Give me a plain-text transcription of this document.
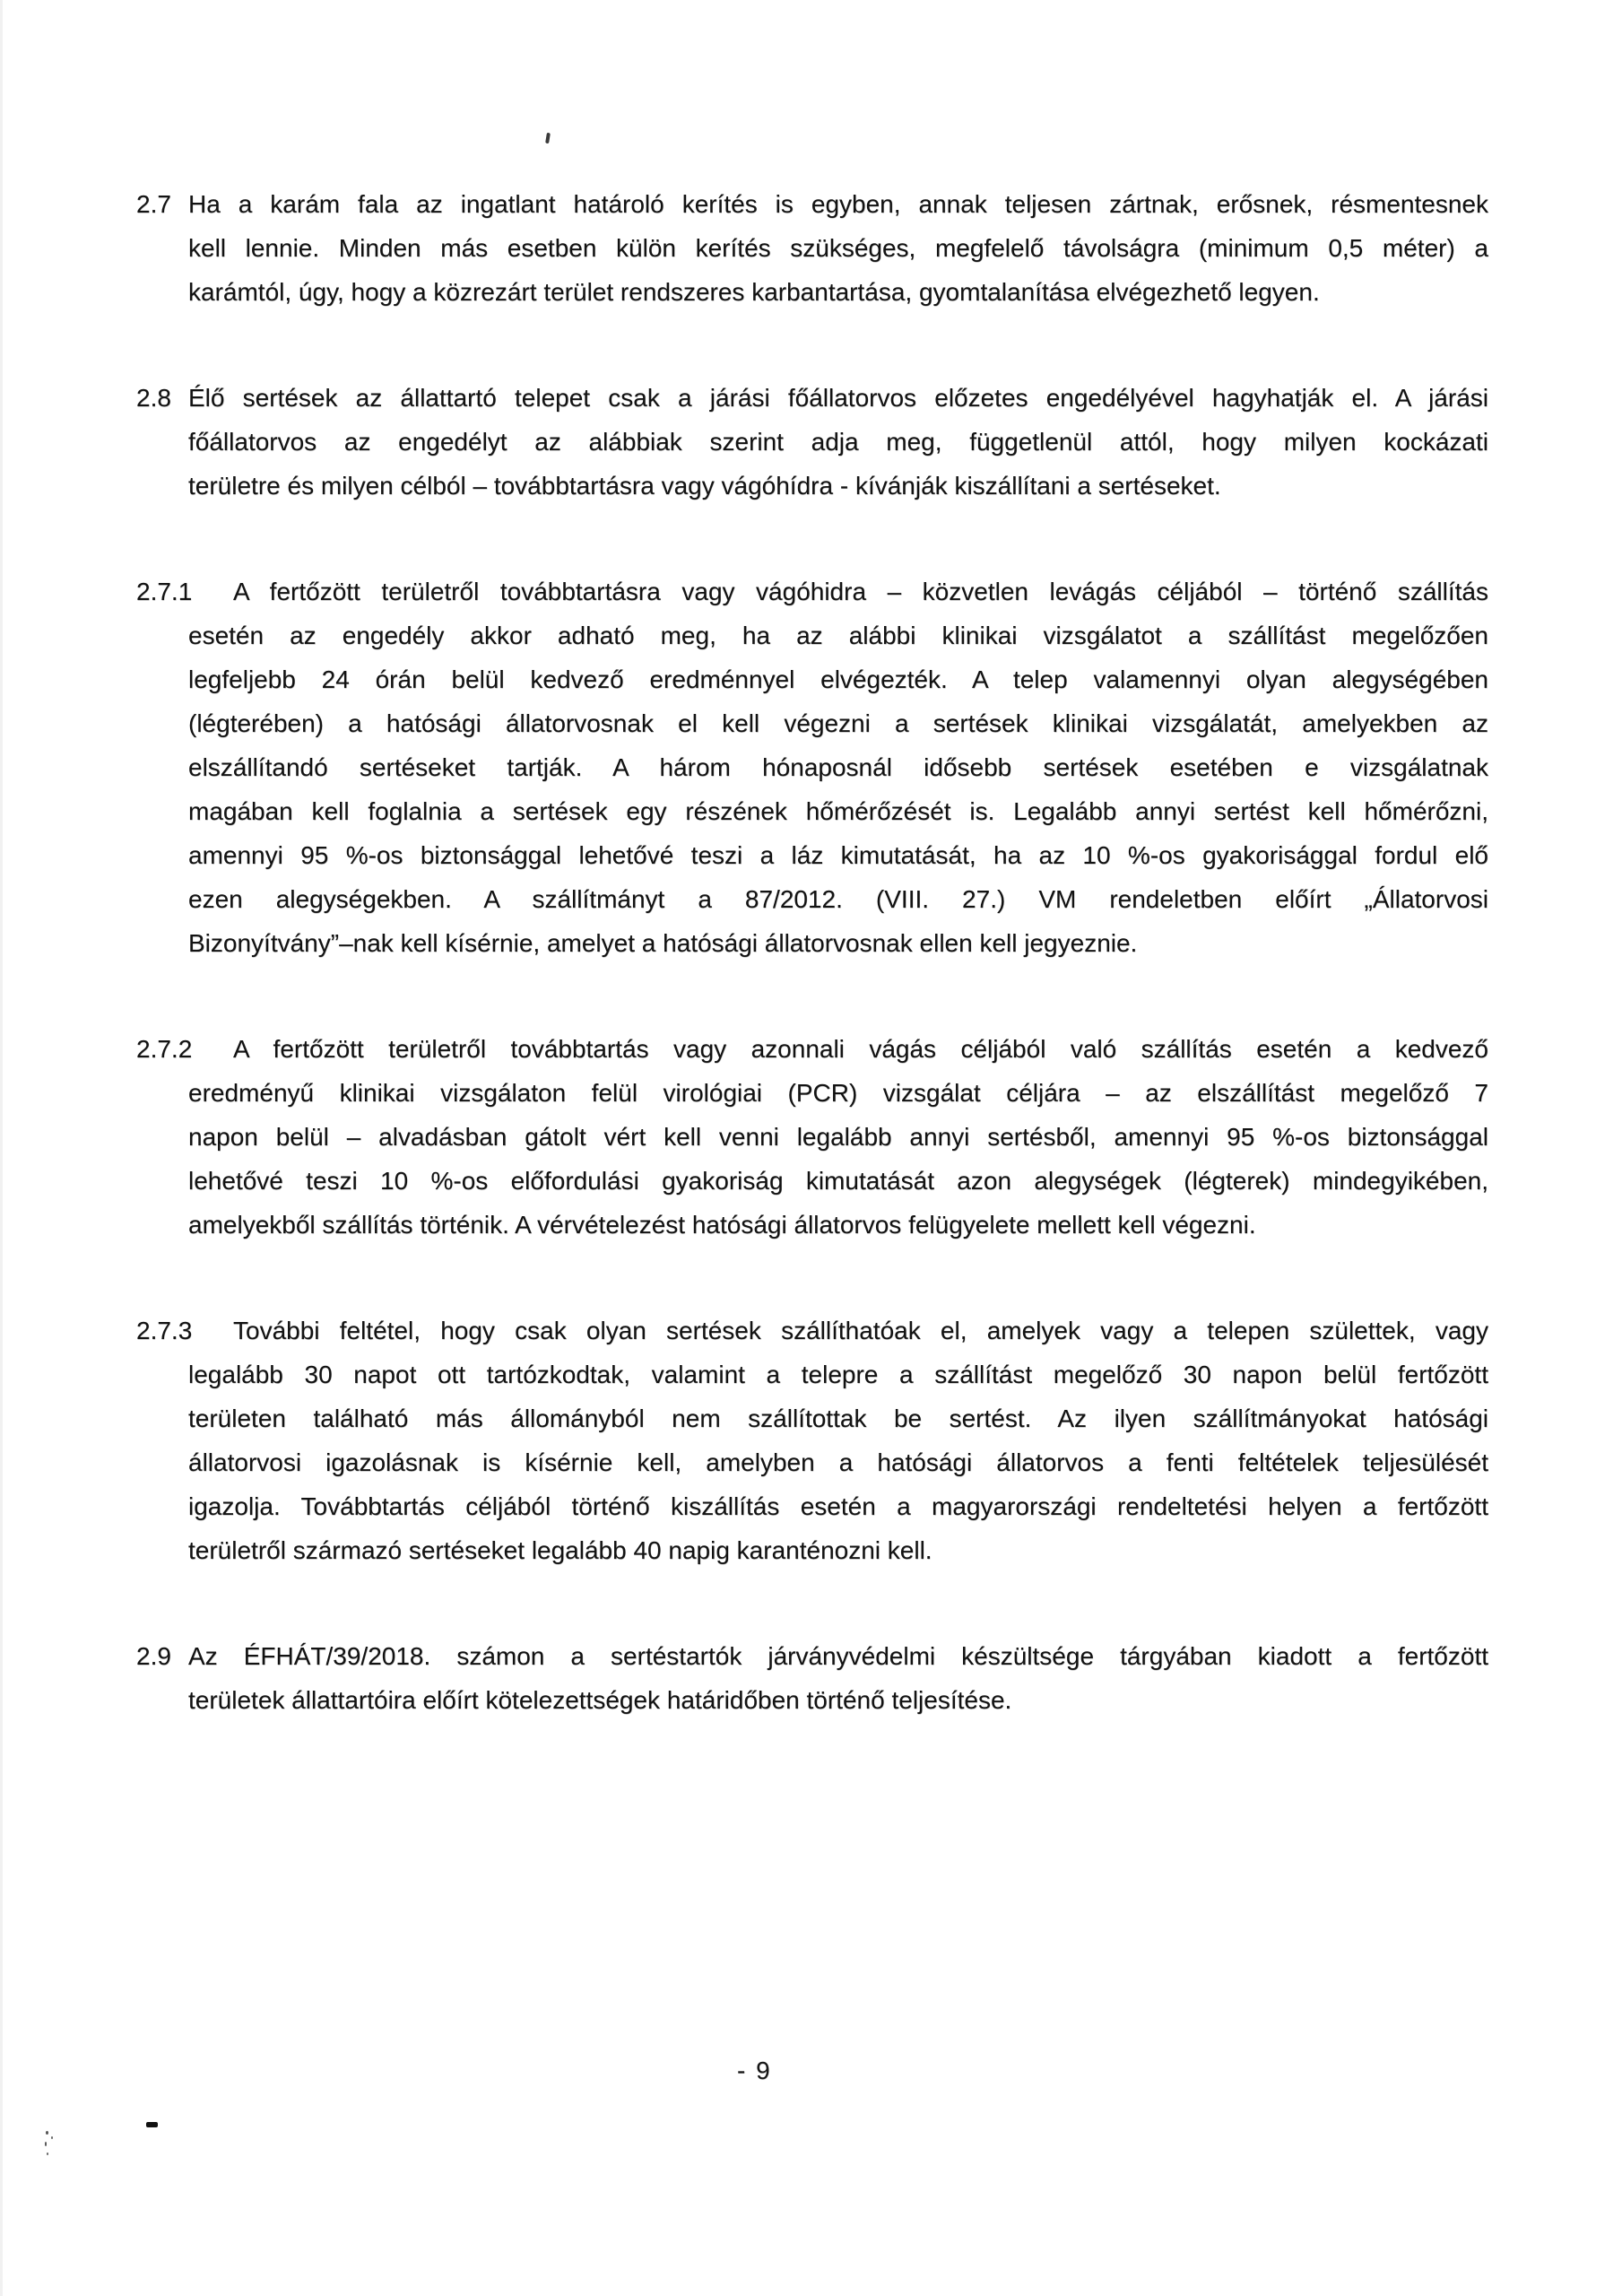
2.7 Ha a karám fala az ingatlant határoló kerítés is egyben, annak teljesen zártnak, erősnek, résmentesnek
kell lennie. Minden más esetben külön kerítés szükséges, megfelelő távolságra (minimum 0,5 méter) a
karámtól, úgy, hogy a közrezárt terület rendszeres karbantartása, gyomtalanítása elvégezhető legyen.
2.8 Élő sertések az állattartó telepet csak a járási főállatorvos előzetes engedélyével hagyhatják el. A járási
főállatorvos az engedélyt az alábbiak szerint adja meg, függetlenül attól, hogy milyen kockázati
területre és milyen célból – továbbtartásra vagy vágóhídra - kívánják kiszállítani a sertéseket.
2.7.1 A fertőzött területről továbbtartásra vagy vágóhidra – közvetlen levágás céljából – történő szállítás
esetén az engedély akkor adható meg, ha az alábbi klinikai vizsgálatot a szállítást megelőzően
legfeljebb 24 órán belül kedvező eredménnyel elvégezték. A telep valamennyi olyan alegységében
(légterében) a hatósági állatorvosnak el kell végezni a sertések klinikai vizsgálatát, amelyekben az
elszállítandó sertéseket tartják. A három hónaposnál idősebb sertések esetében e vizsgálatnak
magában kell foglalnia a sertések egy részének hőmérőzését is. Legalább annyi sertést kell hőmérőzni,
amennyi 95 %-os biztonsággal lehetővé teszi a láz kimutatását, ha az 10 %-os gyakorisággal fordul elő
ezen alegységekben. A szállítmányt a 87/2012. (VIII. 27.) VM rendeletben előírt „Állatorvosi
Bizonyítvány”–nak kell kísérnie, amelyet a hatósági állatorvosnak ellen kell jegyeznie.
2.7.2 A fertőzött területről továbbtartás vagy azonnali vágás céljából való szállítás esetén a kedvező
eredményű klinikai vizsgálaton felül virológiai (PCR) vizsgálat céljára – az elszállítást megelőző 7
napon belül – alvadásban gátolt vért kell venni legalább annyi sertésből, amennyi 95 %-os biztonsággal
lehetővé teszi 10 %-os előfordulási gyakoriság kimutatását azon alegységek (légterek) mindegyikében,
amelyekből szállítás történik. A vérvételezést hatósági állatorvos felügyelete mellett kell végezni.
2.7.3 További feltétel, hogy csak olyan sertések szállíthatóak el, amelyek vagy a telepen születtek, vagy
legalább 30 napot ott tartózkodtak, valamint a telepre a szállítást megelőző 30 napon belül fertőzött
területen található más állományból nem szállítottak be sertést. Az ilyen szállítmányokat hatósági
állatorvosi igazolásnak is kísérnie kell, amelyben a hatósági állatorvos a fenti feltételek teljesülését
igazolja. Továbbtartás céljából történő kiszállítás esetén a magyarországi rendeltetési helyen a fertőzött
területről származó sertéseket legalább 40 napig karanténozni kell.
2.9 Az ÉFHÁT/39/2018. számon a sertéstartók járványvédelmi készültsége tárgyában kiadott a fertőzött
területek állattartóira előírt kötelezettségek határidőben történő teljesítése.
- 9
